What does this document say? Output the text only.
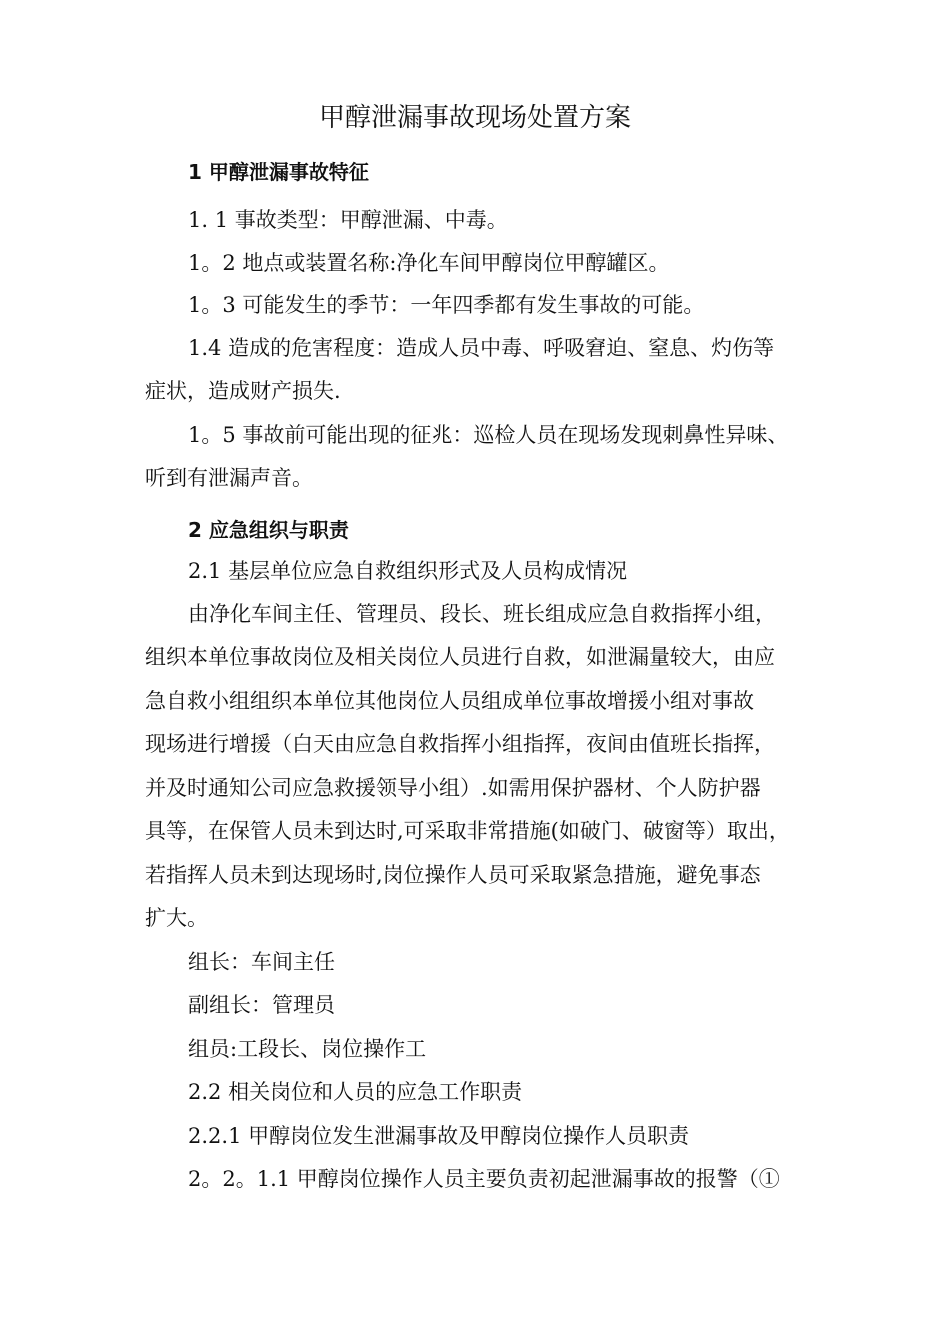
甲醇泄漏事故现场处置方案

1 甲醇泄漏事故特征

1. 1 事故类型：甲醇泄漏、中毒。

1。2 地点或装置名称:净化车间甲醇岗位甲醇罐区。

1。3 可能发生的季节：一年四季都有发生事故的可能。

1.4 造成的危害程度：造成人员中毒、呼吸窘迫、窒息、灼伤等

症状，造成财产损失.

1。5 事故前可能出现的征兆：巡检人员在现场发现刺鼻性异味、

听到有泄漏声音。

2 应急组织与职责

2.1 基层单位应急自救组织形式及人员构成情况

由净化车间主任、管理员、段长、班长组成应急自救指挥小组，

组织本单位事故岗位及相关岗位人员进行自救，如泄漏量较大，由应

急自救小组组织本单位其他岗位人员组成单位事故增援小组对事故

现场进行增援（白天由应急自救指挥小组指挥，夜间由值班长指挥，

并及时通知公司应急救援领导小组）.如需用保护器材、个人防护器

具等，在保管人员未到达时,可采取非常措施(如破门、破窗等）取出，

若指挥人员未到达现场时,岗位操作人员可采取紧急措施，避免事态

扩大。

组长：车间主任

副组长：管理员

组员:工段长、岗位操作工

2.2 相关岗位和人员的应急工作职责

2.2.1 甲醇岗位发生泄漏事故及甲醇岗位操作人员职责

2。2。1.1 甲醇岗位操作人员主要负责初起泄漏事故的报警（①
